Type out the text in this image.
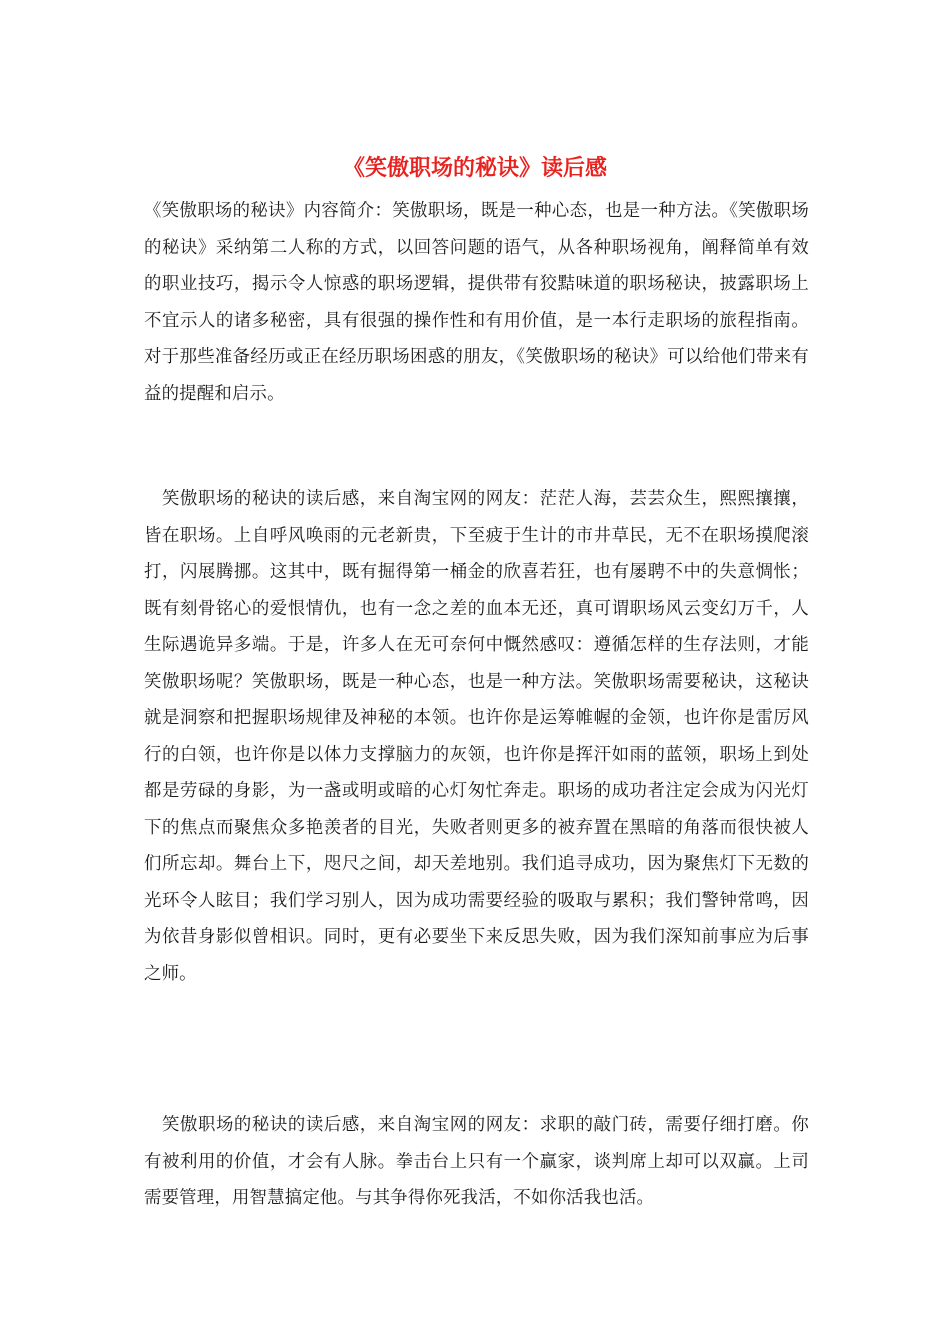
《笑傲职场的秘诀》读后感

《笑傲职场的秘诀》内容简介：笑傲职场，既是一种心态，也是一种方法。《笑傲职场的秘诀》采纳第二人称的方式，以回答问题的语气，从各种职场视角，阐释简单有效的职业技巧，揭示令人惊惑的职场逻辑，提供带有狡黠味道的职场秘诀，披露职场上不宜示人的诸多秘密，具有很强的操作性和有用价值，是一本行走职场的旅程指南。对于那些准备经历或正在经历职场困惑的朋友，《笑傲职场的秘诀》可以给他们带来有益的提醒和启示。

笑傲职场的秘诀的读后感，来自淘宝网的网友：茫茫人海，芸芸众生，熙熙攘攘，皆在职场。上自呼风唤雨的元老新贵，下至疲于生计的市井草民，无不在职场摸爬滚打，闪展腾挪。这其中，既有掘得第一桶金的欣喜若狂，也有屡聘不中的失意惆怅；既有刻骨铭心的爱恨情仇，也有一念之差的血本无还，真可谓职场风云变幻万千，人生际遇诡异多端。于是，许多人在无可奈何中慨然感叹：遵循怎样的生存法则，才能笑傲职场呢？笑傲职场，既是一种心态，也是一种方法。笑傲职场需要秘诀，这秘诀就是洞察和把握职场规律及神秘的本领。也许你是运筹帷幄的金领，也许你是雷厉风行的白领，也许你是以体力支撑脑力的灰领，也许你是挥汗如雨的蓝领，职场上到处都是劳碌的身影，为一盏或明或暗的心灯匆忙奔走。职场的成功者注定会成为闪光灯下的焦点而聚焦众多艳羡者的目光，失败者则更多的被弃置在黑暗的角落而很快被人们所忘却。舞台上下，咫尺之间，却天差地别。我们追寻成功，因为聚焦灯下无数的光环令人眩目；我们学习别人，因为成功需要经验的吸取与累积；我们警钟常鸣，因为依昔身影似曾相识。同时，更有必要坐下来反思失败，因为我们深知前事应为后事之师。

笑傲职场的秘诀的读后感，来自淘宝网的网友：求职的敲门砖，需要仔细打磨。你有被利用的价值，才会有人脉。拳击台上只有一个赢家，谈判席上却可以双赢。上司需要管理，用智慧搞定他。与其争得你死我活，不如你活我也活。
